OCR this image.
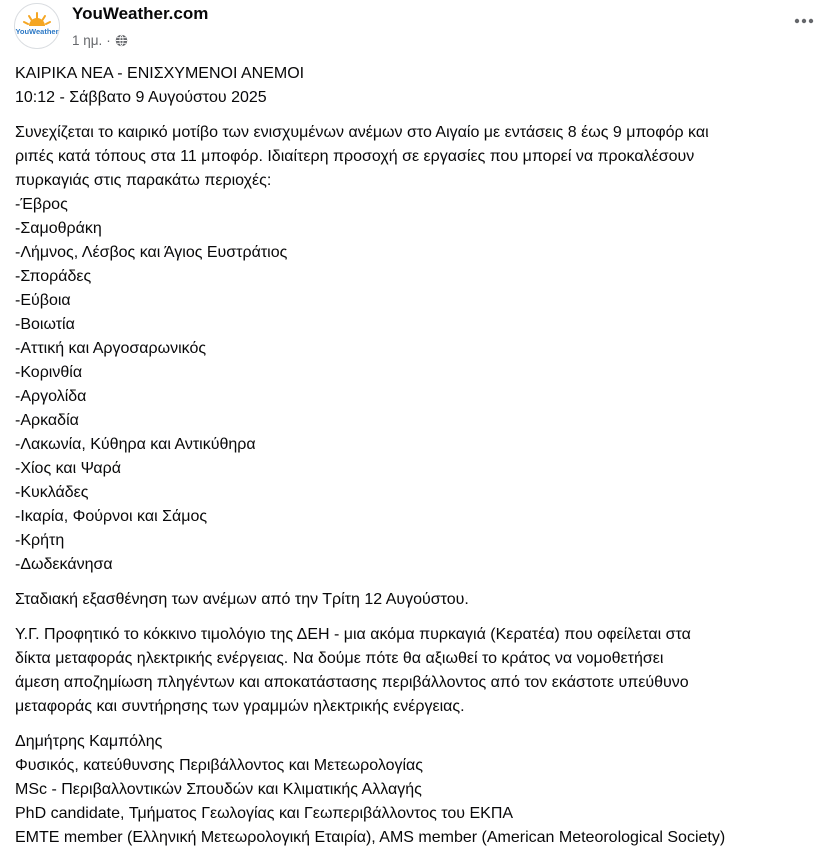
YouWeather
YouWeather.com
1 ημ. ·
ΚΑΙΡΙΚΑ ΝΕΑ - ΕΝΙΣΧΥΜΕΝΟΙ ΑΝΕΜΟΙ
10:12 - Σάββατο 9 Αυγούστου 2025
Συνεχίζεται το καιρικό μοτίβο των ενισχυμένων ανέμων στο Αιγαίο με εντάσεις 8 έως 9 μποφόρ και
ριπές κατά τόπους στα 11 μποφόρ. Ιδιαίτερη προσοχή σε εργασίες που μπορεί να προκαλέσουν
πυρκαγιάς στις παρακάτω περιοχές:
-Έβρος
-Σαμοθράκη
-Λήμνος, Λέσβος και Άγιος Ευστράτιος
-Σποράδες
-Εύβοια
-Βοιωτία
-Αττική και Αργοσαρωνικός
-Κορινθία
-Αργολίδα
-Αρκαδία
-Λακωνία, Κύθηρα και Αντικύθηρα
-Χίος και Ψαρά
-Κυκλάδες
-Ικαρία, Φούρνοι και Σάμος
-Κρήτη
-Δωδεκάνησα
Σταδιακή εξασθένηση των ανέμων από την Τρίτη 12 Αυγούστου.
Υ.Γ. Προφητικό το κόκκινο τιμολόγιο της ΔΕΗ - μια ακόμα πυρκαγιά (Κερατέα) που οφείλεται στα
δίκτα μεταφοράς ηλεκτρικής ενέργειας. Να δούμε πότε θα αξιωθεί το κράτος να νομοθετήσει
άμεση αποζημίωση πληγέντων και αποκατάστασης περιβάλλοντος από τον εκάστοτε υπεύθυνο
μεταφοράς και συντήρησης των γραμμών ηλεκτρικής ενέργειας.
Δημήτρης Καμπόλης
Φυσικός, κατεύθυνσης Περιβάλλοντος και Μετεωρολογίας
MSc - Περιβαλλοντικών Σπουδών και Κλιματικής Αλλαγής
PhD candidate, Τμήματος Γεωλογίας και Γεωπεριβάλλοντος του ΕΚΠΑ
ΕΜΤΕ member (Ελληνική Μετεωρολογική Εταιρία), AMS member (American Meteorological Society)
